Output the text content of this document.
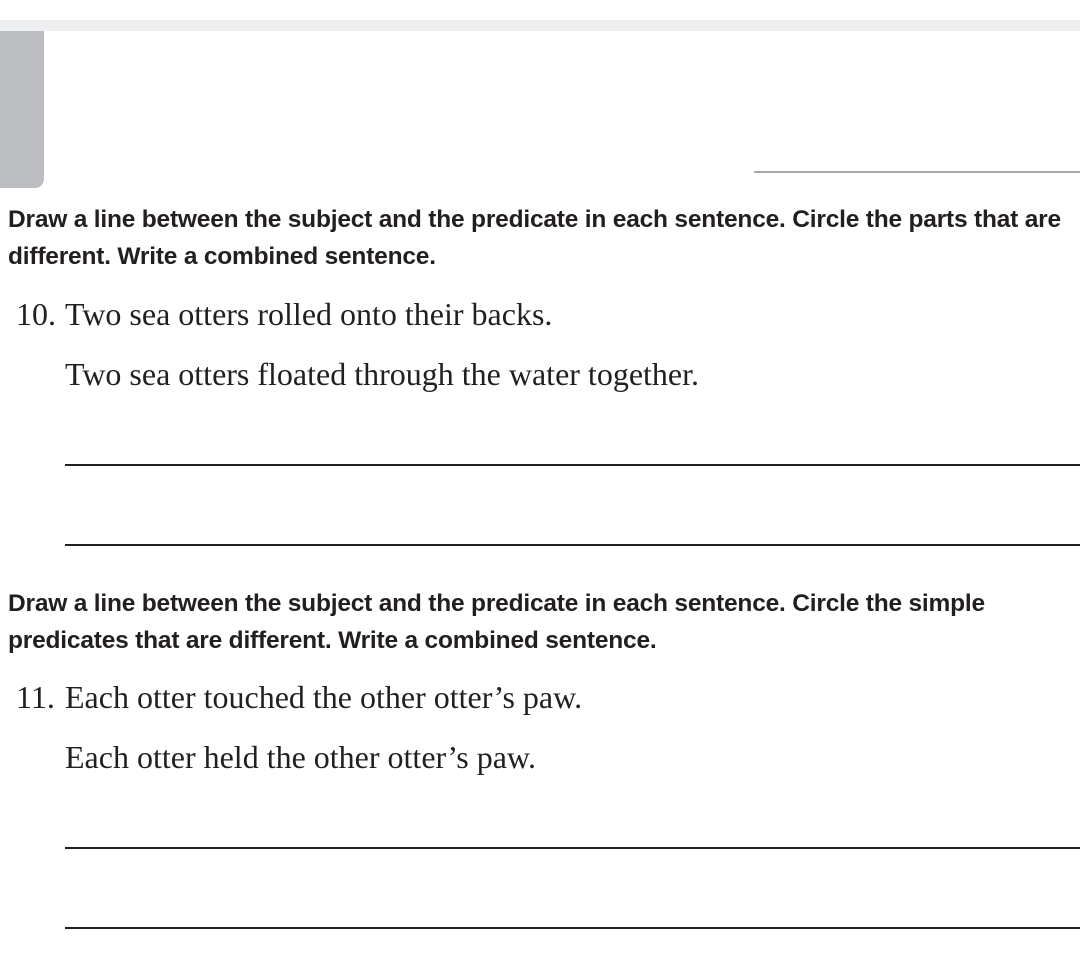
Draw a line between the subject and the predicate in each sentence. Circle the parts that are different. Write a combined sentence.

10. Two sea otters rolled onto their backs.
Two sea otters floated through the water together.

Draw a line between the subject and the predicate in each sentence. Circle the simple predicates that are different. Write a combined sentence.

11. Each otter touched the other otter’s paw.
Each otter held the other otter’s paw.
